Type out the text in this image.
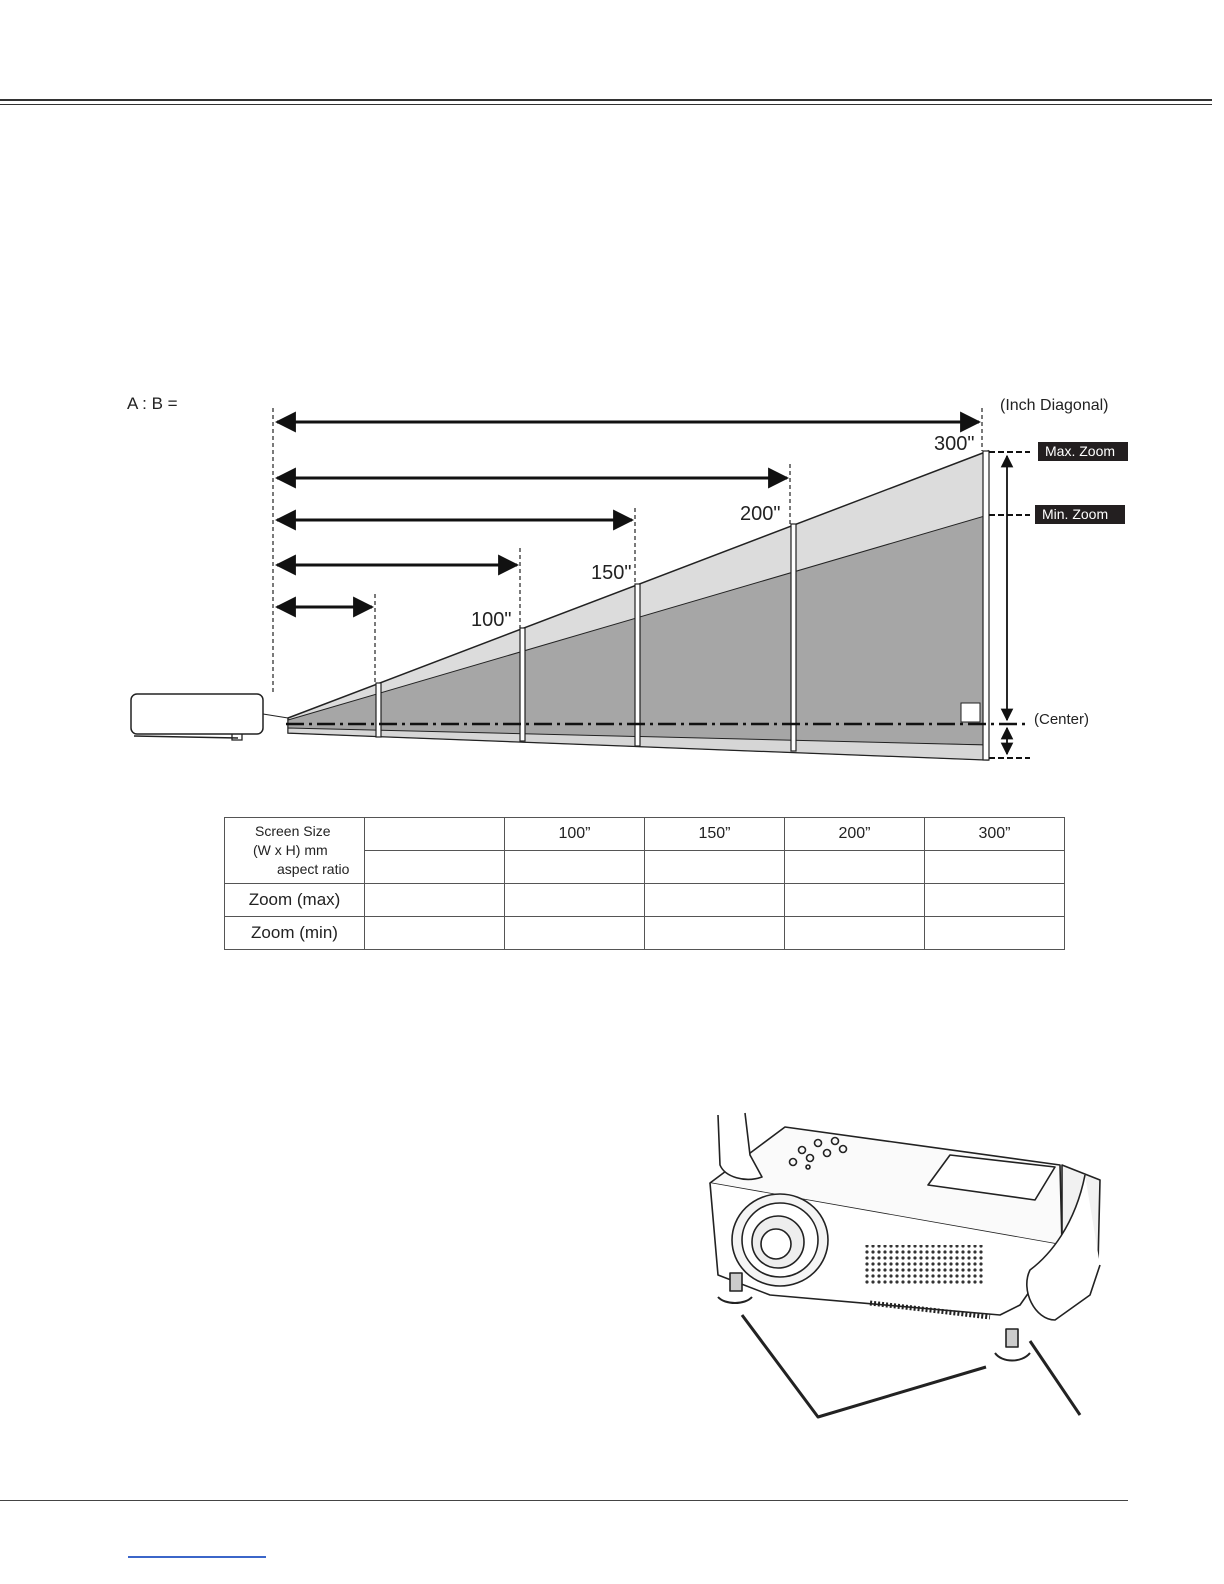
A : B =	(Inch Diagonal)
300"
200"
150"
100"
(Center)
Max. Zoom
Min. Zoom
Screen Size
(W x H) mm
aspect ratio		100”	150”	200”	300”

Zoom (max)					
Zoom (min)					
